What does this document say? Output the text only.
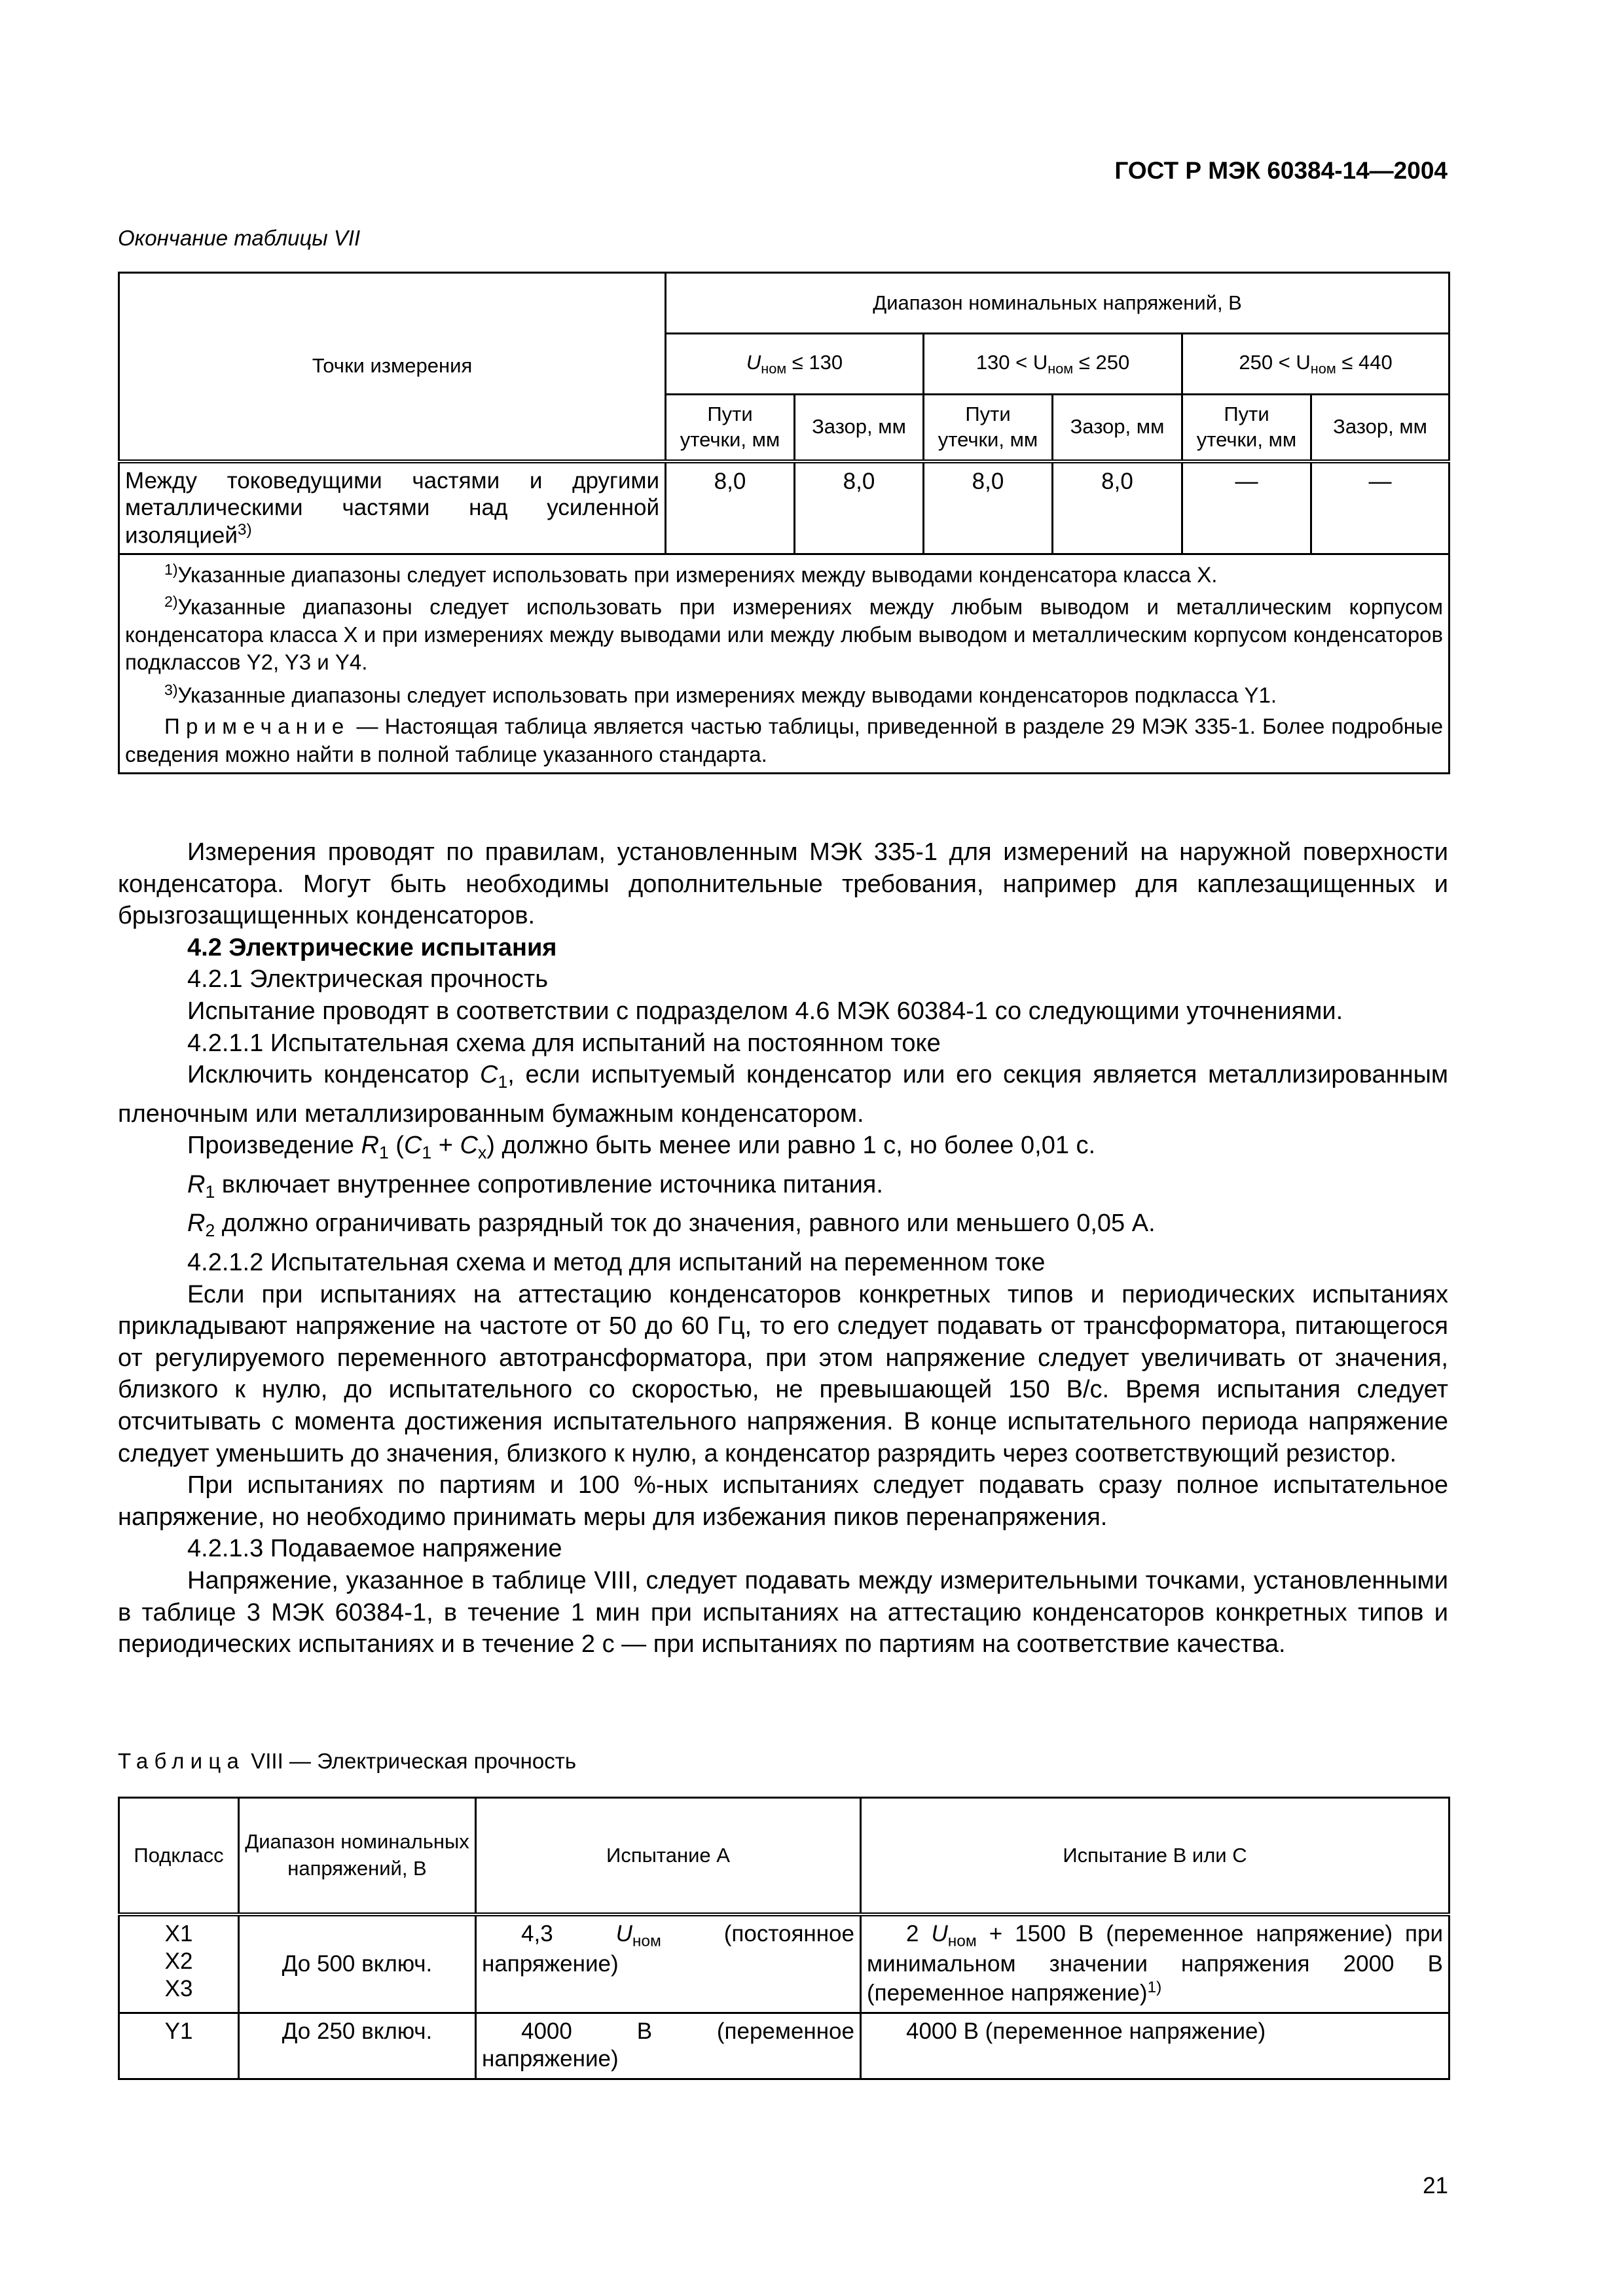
ГОСТ Р МЭК 60384-14—2004
Окончание таблицы VII
Точки измерения	Диапазон номинальных напряжений, В					
	$U_{ном} \le 130$		$130 < U_{ном} \le 250$		$250 < U_{ном} \le 440$	
	Пути утечки, мм	Зазор, мм	Пути утечки, мм	Зазор, мм	Пути утечки, мм	Зазор, мм
Между токоведущими частями и другими металлическими частями над усиленной изоляцией$^{3)}$	8,0	8,0	8,0	8,0	—	—

$^{1)}$Указанные диапазоны следует использовать при измерениях между выводами конденсатора класса X.

$^{2)}$Указанные диапазоны следует использовать при измерениях между любым выводом и металлическим корпусом конденсатора класса X и при измерениях между выводами или между любым выводом и металлическим корпусом конденсаторов подклассов Y2, Y3 и Y4.

$^{3)}$Указанные диапазоны следует использовать при измерениях между выводами конденсаторов подкласса Y1.

Примечание — Настоящая таблица является частью таблицы, приведенной в разделе 29 МЭК 335-1. Более подробные сведения можно найти в полной таблице указанного стандарта.						

Измерения проводят по правилам, установленным МЭК 335-1 для измерений на наружной поверхности конденсатора. Могут быть необходимы дополнительные требования, например для каплезащищенных и брызгозащищенных конденсаторов.

4.2 Электрические испытания

4.2.1 Электрическая прочность

Испытание проводят в соответствии с подразделом 4.6 МЭК 60384-1 со следующими уточнениями.

4.2.1.1 Испытательная схема для испытаний на постоянном токе

Исключить конденсатор $C_1$, если испытуемый конденсатор или его секция является металлизированным пленочным или металлизированным бумажным конденсатором.

Произведение $R_1$ $(C_1 + C_x)$ должно быть менее или равно 1 с, но более 0,01 с.

$R_1$ включает внутреннее сопротивление источника питания.

$R_2$ должно ограничивать разрядный ток до значения, равного или меньшего 0,05 А.

4.2.1.2 Испытательная схема и метод для испытаний на переменном токе

Если при испытаниях на аттестацию конденсаторов конкретных типов и периодических испытаниях прикладывают напряжение на частоте от 50 до 60 Гц, то его следует подавать от трансформатора, питающегося от регулируемого переменного автотрансформатора, при этом напряжение следует увеличивать от значения, близкого к нулю, до испытательного со скоростью, не превышающей 150 В/с. Время испытания следует отсчитывать с момента достижения испытательного напряжения. В конце испытательного периода напряжение следует уменьшить до значения, близкого к нулю, а конденсатор разрядить через соответствующий резистор.

При испытаниях по партиям и 100 %-ных испытаниях следует подавать сразу полное испытательное напряжение, но необходимо принимать меры для избежания пиков перенапряжения.

4.2.1.3 Подаваемое напряжение

Напряжение, указанное в таблице VIII, следует подавать между измерительными точками, установленными в таблице 3 МЭК 60384-1, в течение 1 мин при испытаниях на аттестацию конденсаторов конкретных типов и периодических испытаниях и в течение 2 с — при испытаниях по партиям на соответствие качества.

Таблица VIII — Электрическая прочность
Подкласс	Диапазон номинальных напряжений, В	Испытание А	Испытание В или С

X1
X2
X3	До 500 включ.	4,3 $U_{ном}$ (постоянное напряжение)	2 $U_{ном} + 1500$ В (переменное напряжение) при минимальном значении напряжения 2000 В (переменное напряжение)$^{1)}$
Y1	До 250 включ.	4000 В (переменное напряжение)	4000 В (переменное напряжение)
21
